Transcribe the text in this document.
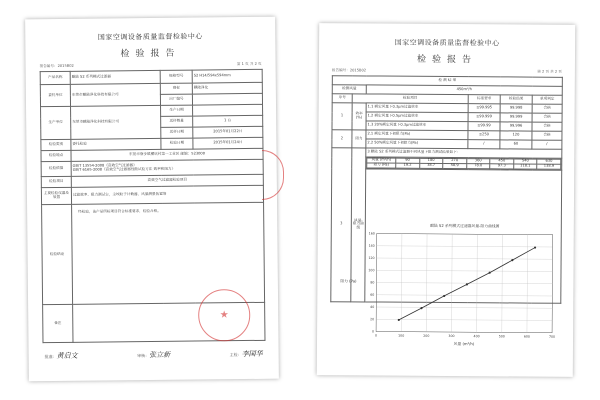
国家空调设备质量监督检验中心
检验报告
报告编号：2015B02	第 1 页 共 2 页
产品名称	麒陆 S2 系列模式过滤器	规格型号	S2 H14/594x594mm
委托单位	东莞市麒陆净化科技有限公司	商标	麒陆净化
		出厂编号	
生产单位	东莞市麒陆净化科技有限公司	生产日期	
		送样数量	1 台
		送样日期	2015年01月22日
检验类别	委托检验	检验日期	2015年01月24日
检验地点	东莞市寮步镇横坑村第一工业区 邮编：523000		
检验依据	GB/T 13554-2008《高效空气过滤器》
GB/T 6165-2008《高效空气过滤器性能试验方法 效率和阻力》		

检验项目	高效空气过滤器检验项目		
主要检验仪器及装置	过滤效率、阻力测试台，尘埃粒子计数器，风量测量装置等		
检验结论	经检验，该产品所检项目符合标准要求，检验合格。		
备注			
★
批准：黄启文	审核：张立新	主检：李国华
国家空调设备质量监督检验中心
检验报告
报告编号：2015B02	第 2 页 共 2 页
检 测 结 果
检测风量	450m³/h
序号	检验项目	标准要求	检验结果	单项判定
1	效率(%)	1.1 额定风量下0.3μm过滤效率	≥99.995	99.998	合格
1.2 额定风量下0.5μm过滤效率	≥99.999	99.999	合格
1.3 20%额定风量下0.3μm过滤效率	≥99.99	99.996	合格
2	阻力	2.1 额定风量下初阻力(Pa)	≤250	120	合格
2.2 50%额定风量下初阻力(Pa)	/	60	/
3	风量-阻力曲线	3 麒陆 S2 系列模式过滤器不同风量下阻力测试结果如下：

风量 (m³/h)	90	180	270	360	450	540	630
阻力 (Pa)	19.2	38.7	58.9	78.0	97.3	118.1	138.9

麒陆 S2 系列模式过滤器风量-阻力曲线图
阻力 (Pa)
0	100	200	300	400	500	600	700
0
20
40
60
80
100
120
140
160
风量 (m³/h)
